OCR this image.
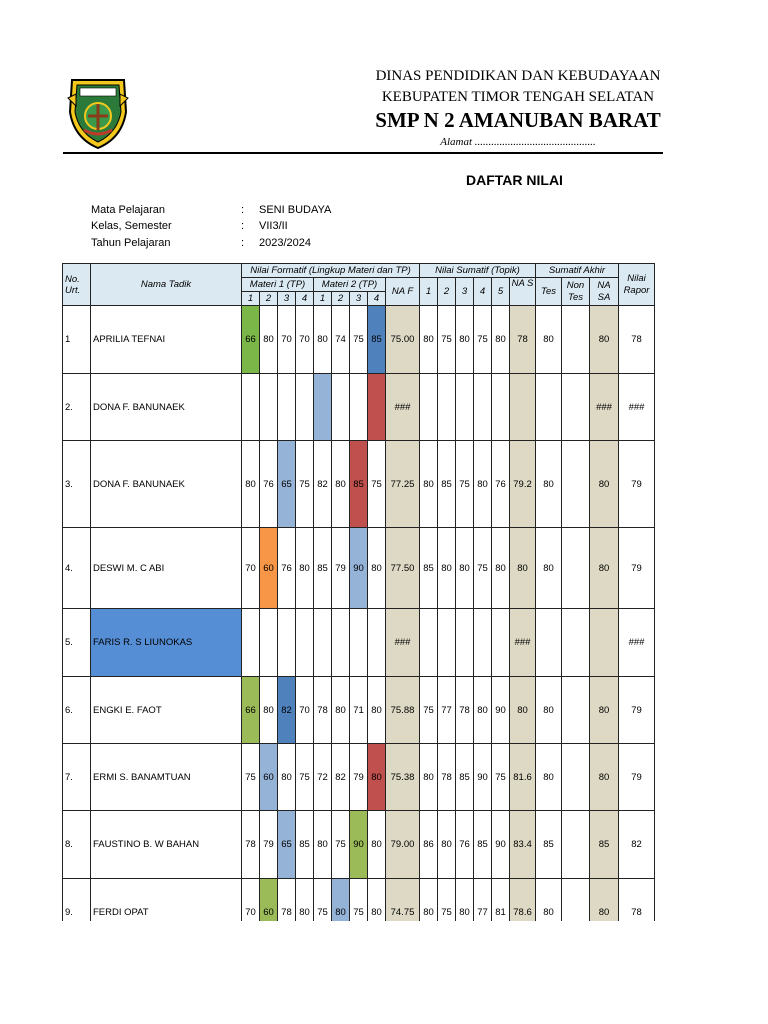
DINAS PENDIDIKAN DAN KEBUDAYAAN
KEBUPATEN TIMOR TENGAH SELATAN
SMP N 2 AMANUBAN BARAT
Alamat ............................................
DAFTAR NILAI
Mata Pelajaran	: SENI BUDAYA
Kelas, Semester	: VII3/II
Tahun Pelajaran	: 2023/2024
No. Urt.	Nama Tadik	Nilai Formatif (Lingkup Materi dan TP)									Nilai Sumatif (Topik)						Sumatif Akhir			Nilai Rapor
		Materi 1 (TP)				Materi 2 (TP)				NA F	1	2	3	4	5	NA S	Tes	Non Tes	NA SA	
		1	2	3	4	1	2	3	4											
1	APRILIA TEFNAI	66	80	70	70	80	74	75	85	75.00	80	75	80	75	80	78	80		80	78
2.	DONA F. BANUNAEK									###									###	###
3.	DONA F. BANUNAEK	80	76	65	75	82	80	85	75	77.25	80	85	75	80	76	79.2	80		80	79
4.	DESWI M. C ABI	70	60	76	80	85	79	90	80	77.50	85	80	80	75	80	80	80		80	79
5.	FARIS R. S LIUNOKAS									###						###				###
6.	ENGKI E. FAOT	66	80	82	70	78	80	71	80	75.88	75	77	78	80	90	80	80		80	79
7.	ERMI S. BANAMTUAN	75	60	80	75	72	82	79	80	75.38	80	78	85	90	75	81.6	80		80	79
8.	FAUSTINO B. W BAHAN	78	79	65	85	80	75	90	80	79.00	86	80	76	85	90	83.4	85		85	82
9.	FERDI OPAT	70	60	78	80	75	80	75	80	74.75	80	75	80	77	81	78.6	80		80	78
